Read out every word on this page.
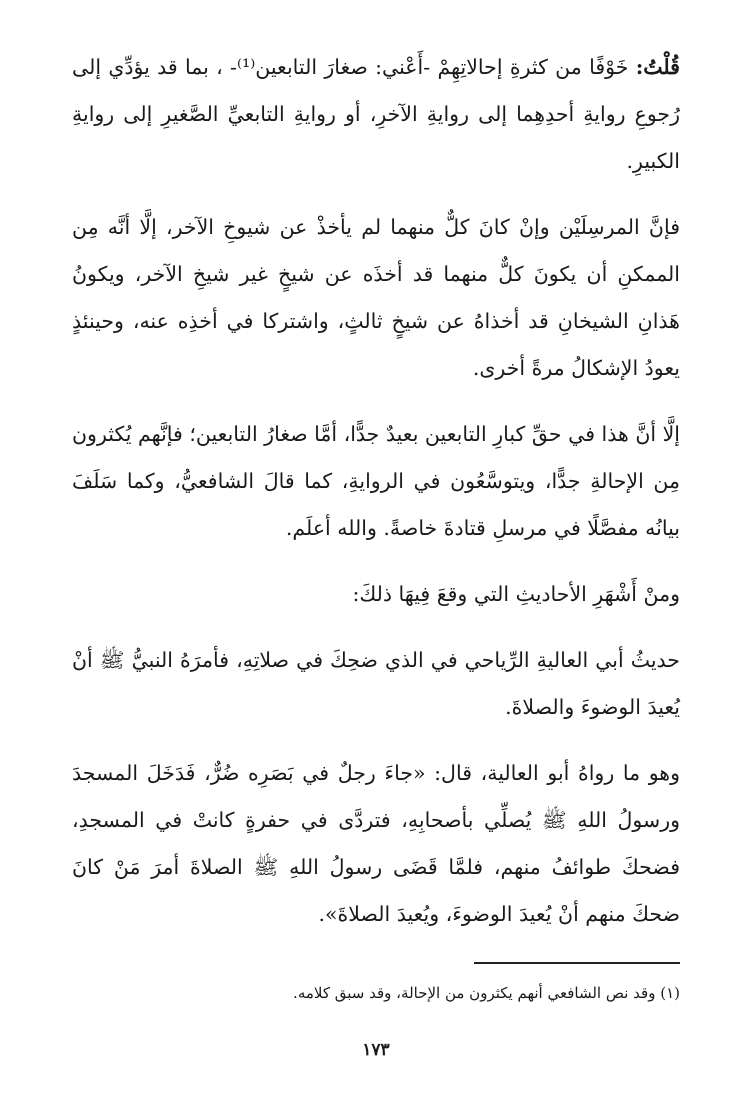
قُلْتُ: خَوْفًا من كثرةِ إحالاتِهِمْ -أَعْني: صغارَ التابعين⁽¹⁾- ، بما قد يؤدِّي إلى رُجوعِ روايةِ أحدِهِما إلى روايةِ الآخرِ، أو روايةِ التابعيِّ الصَّغيرِ إلى روايةِ الكبيرِ.

فإنَّ المرسِلَيْن وإنْ كانَ كلٌّ منهما لم يأخذْ عن شيوخِ الآخر، إلَّا أنَّه مِن الممكنِ أن يكونَ كلٌّ منهما قد أخذَه عن شيخٍ غير شيخِ الآخر، ويكونُ هَذانِ الشيخانِ قد أخذاهُ عن شيخٍ ثالثٍ، واشتركا في أخذِه عنه، وحينئذٍ يعودُ الإشكالُ مرةً أخرى.

إلَّا أنَّ هذا في حقِّ كبارِ التابعين بعيدٌ جدًّا، أمَّا صغارُ التابعين؛ فإنَّهم يُكثرون مِن الإحالةِ جدًّا، ويتوسَّعُون في الروايةِ، كما قالَ الشافعيُّ، وكما سَلَفَ بيانُه مفصَّلًا في مرسلِ قتادةَ خاصةً. والله أعلَم.

ومنْ أَشْهَرِ الأحاديثِ التي وقعَ فِيهَا ذلكَ:

حديثُ أبي العاليةِ الرِّياحي في الذي ضحِكَ في صلاتِهِ، فأمرَهُ النبيُّ ﷺ أنْ يُعيدَ الوضوءَ والصلاةَ.

وهو ما رواهُ أبو العالية، قال: «جاءَ رجلٌ في بَصَرِه ضُرٌّ، فَدَخَلَ المسجدَ ورسولُ اللهِ ﷺ يُصلِّي بأصحابِهِ، فتردَّى في حفرةٍ كانتْ في المسجدِ، فضحكَ طوائفُ منهم، فلمَّا قَضَى رسولُ اللهِ ﷺ الصلاةَ أمرَ مَنْ كانَ ضحكَ منهم أنْ يُعيدَ الوضوءَ، ويُعيدَ الصلاةَ».

(١) وقد نص الشافعي أنهم يكثرون من الإحالة، وقد سبق كلامه.
١٧٣
